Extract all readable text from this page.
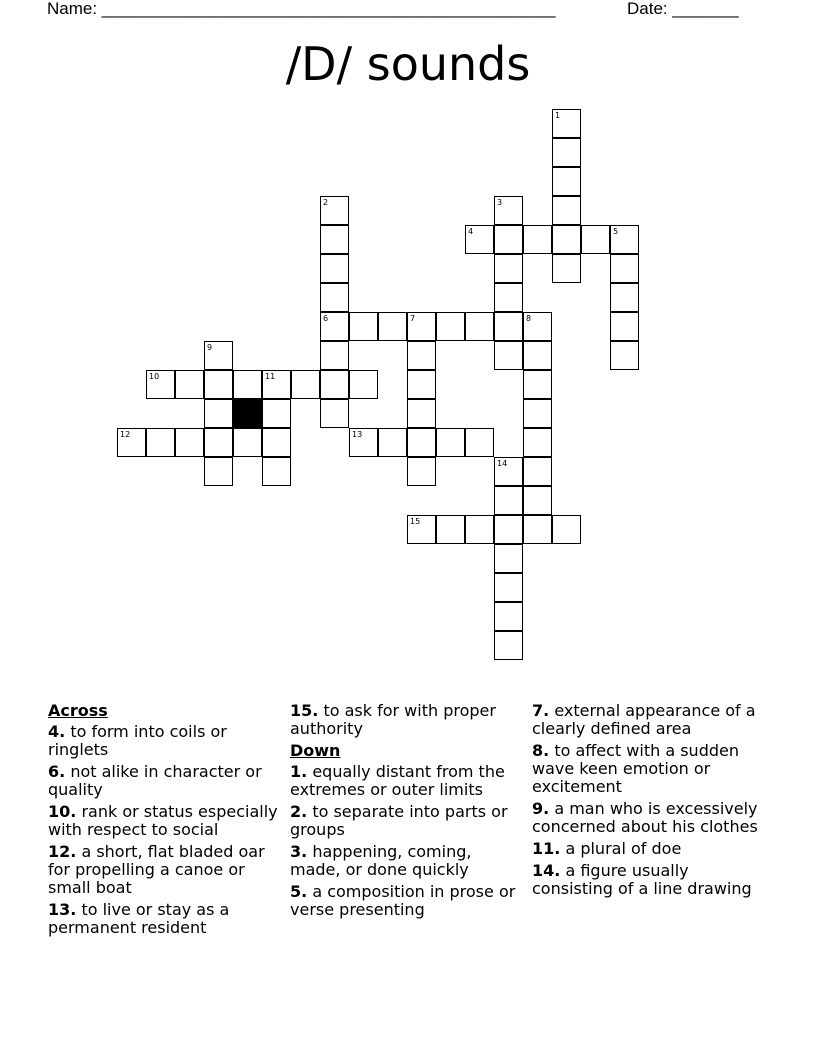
Name: ________________________________________________	Date: _______
/D/ sounds
1
2	3
4	5
6	7	8
9
10	11
12	13
14
15
Across
4. to form into coils or ringlets
6. not alike in character or quality
10. rank or status especially with respect to social
12. a short, flat bladed oar for propelling a canoe or small boat
13. to live or stay as a permanent resident
15. to ask for with proper authority
Down
1. equally distant from the extremes or outer limits
2. to separate into parts or groups
3. happening, coming, made, or done quickly
5. a composition in prose or verse presenting
7. external appearance of a clearly defined area
8. to affect with a sudden wave keen emotion or excitement
9. a man who is excessively concerned about his clothes
11. a plural of doe
14. a figure usually consisting of a line drawing
